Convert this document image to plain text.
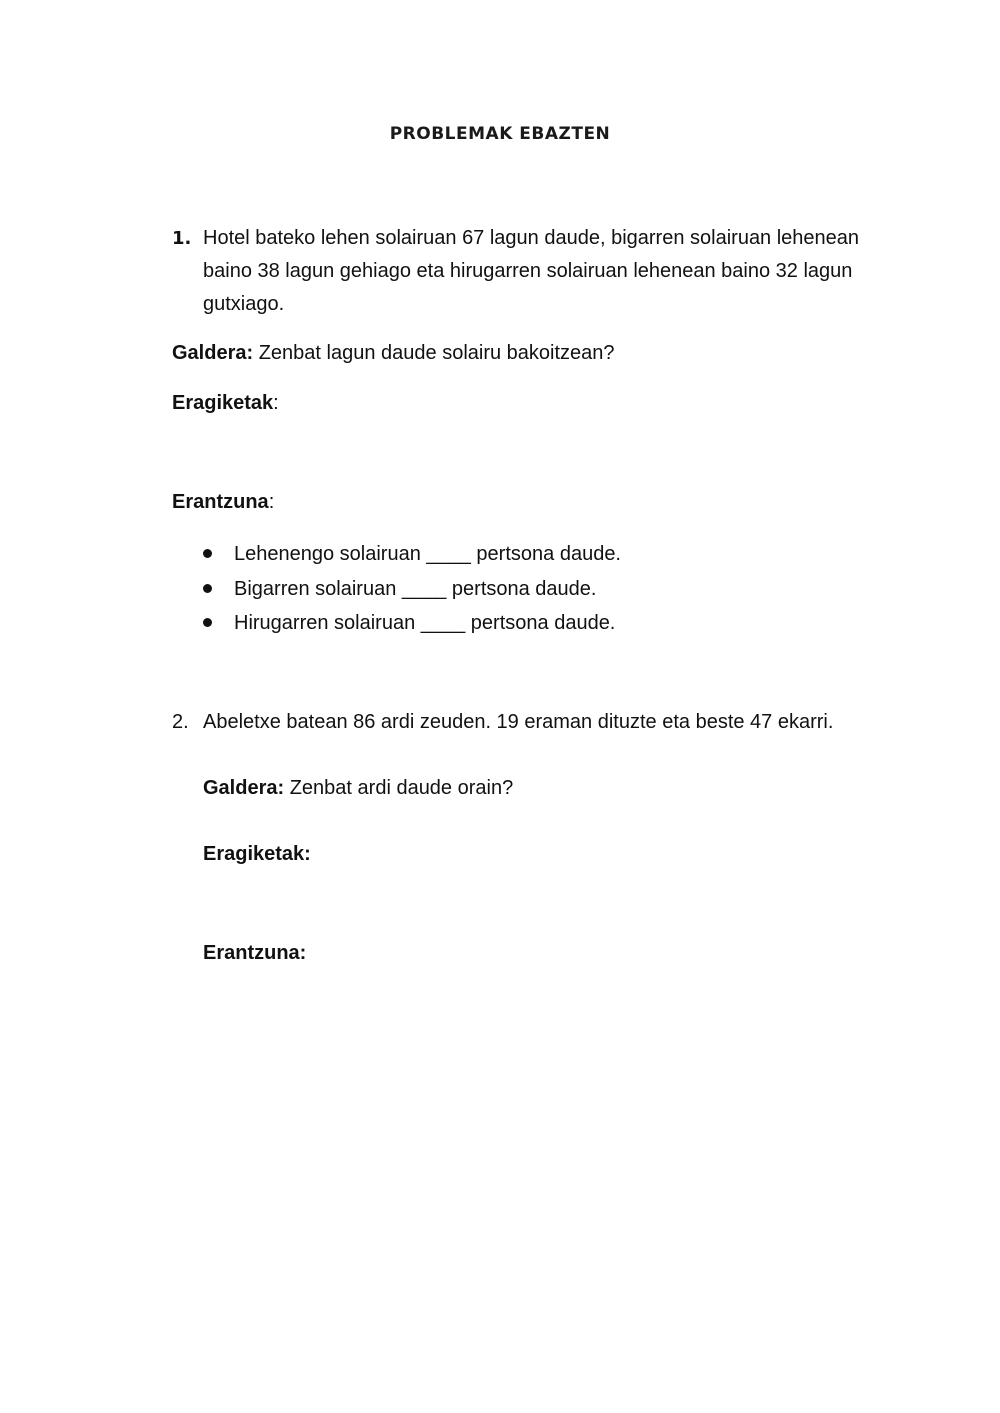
PROBLEMAK EBAZTEN
1. Hotel bateko lehen solairuan 67 lagun daude, bigarren solairuan lehenean baino 38 lagun gehiago eta hirugarren solairuan lehenean baino 32 lagun gutxiago.
Galdera: Zenbat lagun daude solairu bakoitzean?
Eragiketak:
Erantzuna:
Lehenengo solairuan ____ pertsona daude.
Bigarren solairuan ____ pertsona daude.
Hirugarren solairuan ____ pertsona daude.
2. Abeletxe batean 86 ardi zeuden. 19 eraman dituzte eta beste 47 ekarri.
Galdera: Zenbat ardi daude orain?
Eragiketak:
Erantzuna:
